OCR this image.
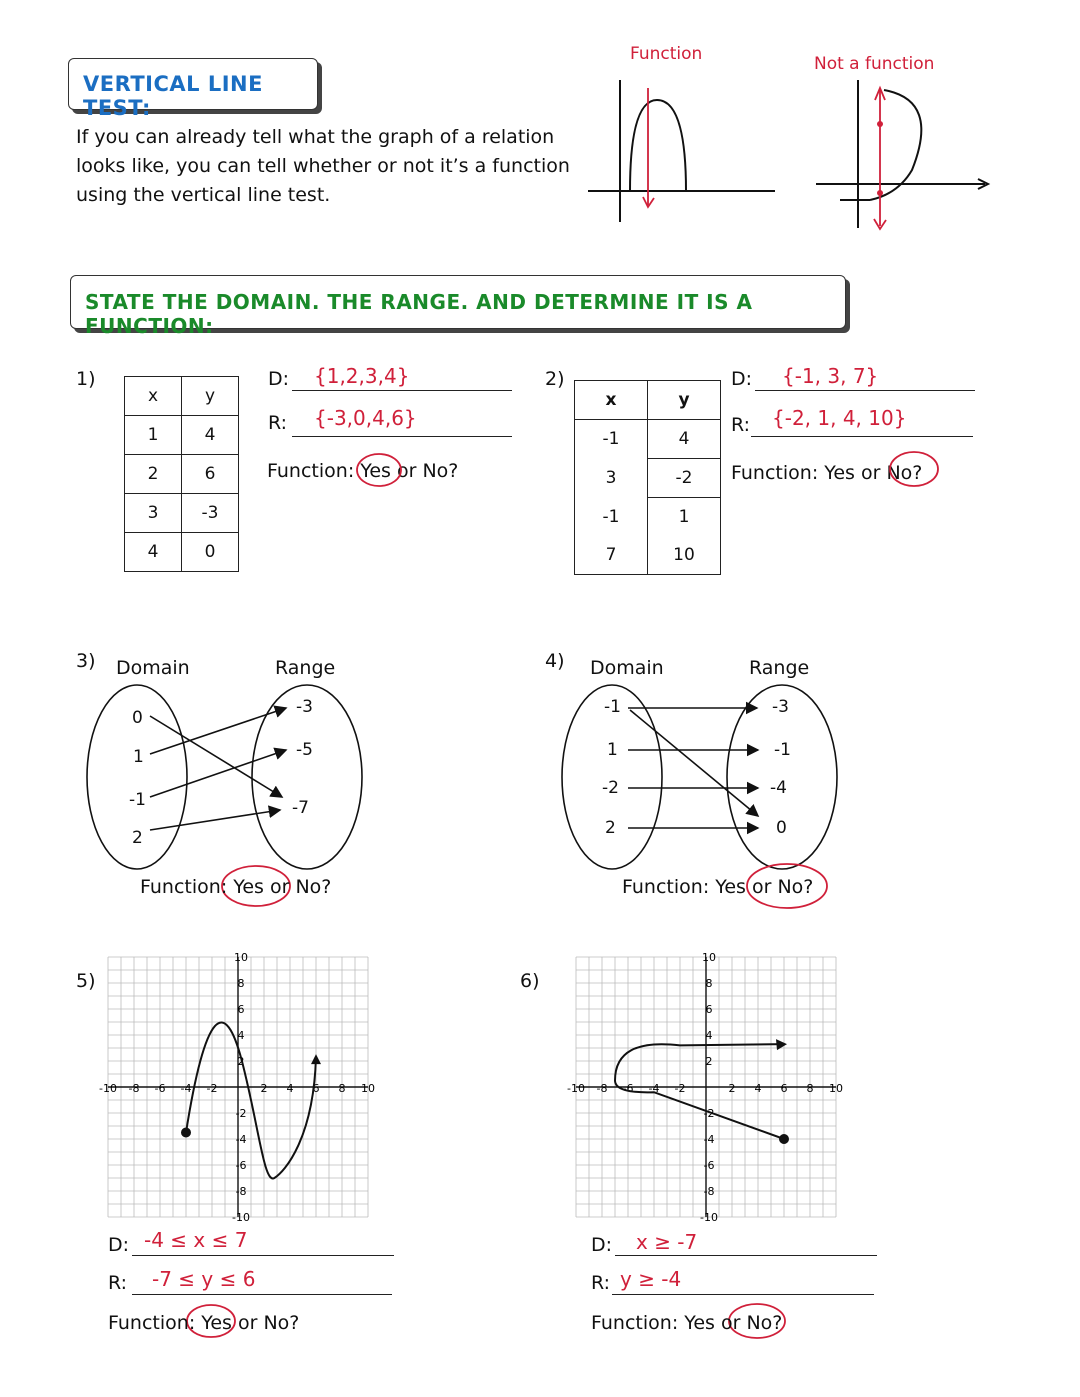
VERTICAL LINE TEST:
If you can already tell what the graph of a relation
looks like, you can tell whether or not it’s a function
using the vertical line test.
Function	Not a function
STATE THE DOMAIN. THE RANGE. AND DETERMINE IT IS A FUNCTION:
1)
x	y
1	4
2	6
3	-3
4	0
D: {1,2,3,4}
R: {-3,0,4,6}
Function: Yes or No?
2)
x	y
-1	4
3	-2
-1	1
7	10
D: {-1, 3, 7}
R: {-2, 1, 4, 10}
Function: Yes or No?
3) Domain	Range
0
1
-1
2
-3
-5
-7
Function: Yes or No?
4) Domain	Range
-1
1
-2
2
-3
-1
-4
0
Function: Yes or No?
5)	6)
-10 -8 -6 -4 -2	2 4 6 8 10
10
8
6
4
2
-2
-4
-6
-8
-10
-10 -8 -6 -4 -2	2 4 6 8 10
10
8
6
4
2
-2
-4
-6
-8
-10
D: -4 ≤ x ≤ 7
R: -7 ≤ y ≤ 6
Function: Yes or No?
D: x ≥ -7
R: y ≥ -4
Function: Yes or No?
